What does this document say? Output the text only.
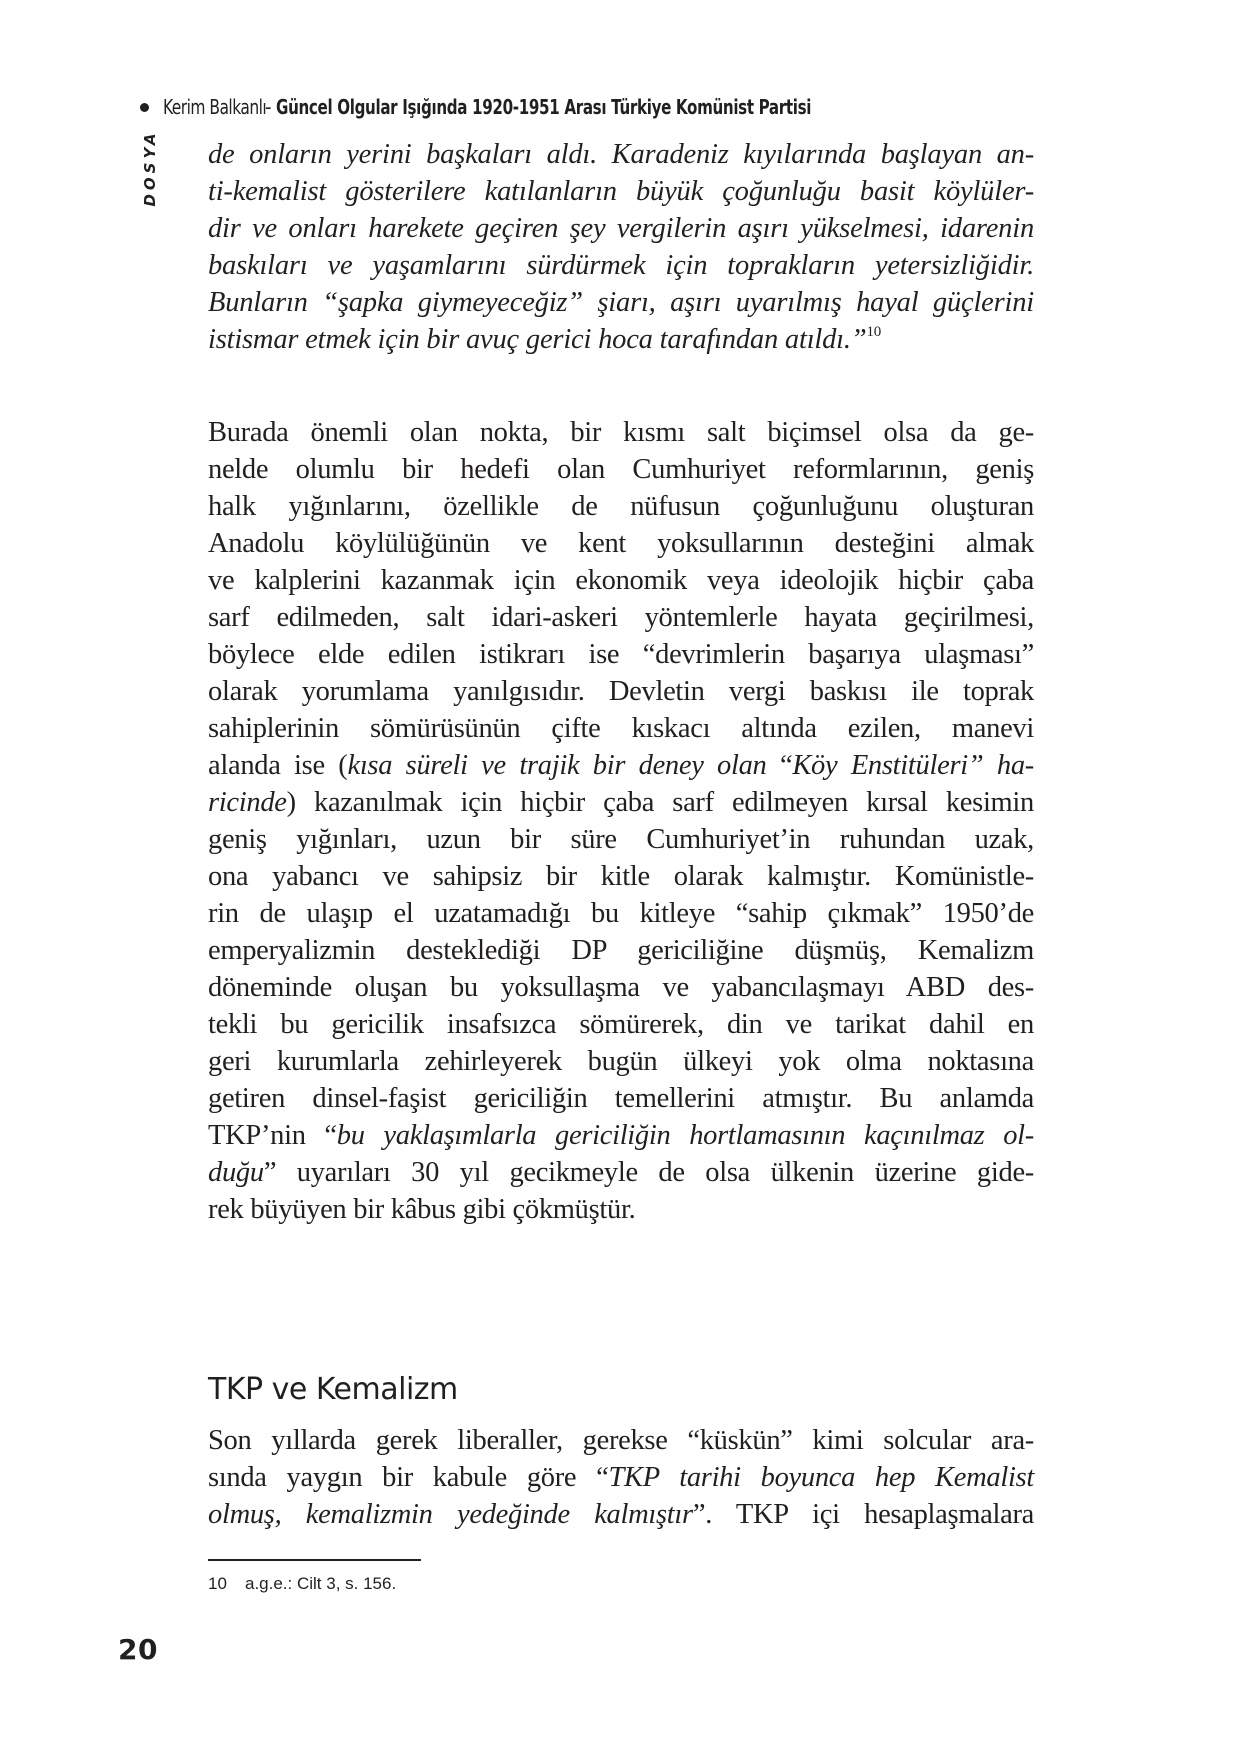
Kerim Balkanlı
- Güncel Olgular Işığında 1920-1951 Arası Türkiye Komünist Partisi
DOSYA de onların yerini başkaları aldı. Karadeniz kıyılarında başlayan an-
ti-kemalist gösterilere katılanların büyük çoğunluğu basit köylüler-
dir ve onları harekete geçiren şey vergilerin aşırı yükselmesi, idarenin
baskıları ve yaşamlarını sürdürmek için toprakların yetersizliğidir.
Bunların “şapka giymeyeceğiz” şiarı, aşırı uyarılmış hayal güçlerini
istismar etmek için bir avuç gerici hoca tarafından atıldı.”$^{10}$
Burada önemli olan nokta, bir kısmı salt biçimsel olsa da ge-
nelde olumlu bir hedefi olan Cumhuriyet reformlarının, geniş
halk yığınlarını, özellikle de nüfusun çoğunluğunu oluşturan
Anadolu köylülüğünün ve kent yoksullarının desteğini almak
ve kalplerini kazanmak için ekonomik veya ideolojik hiçbir çaba
sarf edilmeden, salt idari-askeri yöntemlerle hayata geçirilmesi,
böylece elde edilen istikrarı ise “devrimlerin başarıya ulaşması”
olarak yorumlama yanılgısıdır. Devletin vergi baskısı ile toprak
sahiplerinin sömürüsünün çifte kıskacı altında ezilen, manevi
alanda ise (kısa süreli ve trajik bir deney olan “Köy Enstitüleri” ha-
ricinde) kazanılmak için hiçbir çaba sarf edilmeyen kırsal kesimin
geniş yığınları, uzun bir süre Cumhuriyet’in ruhundan uzak,
ona yabancı ve sahipsiz bir kitle olarak kalmıştır. Komünistle-
rin de ulaşıp el uzatamadığı bu kitleye “sahip çıkmak” 1950’de
emperyalizmin desteklediği DP gericiliğine düşmüş, Kemalizm
döneminde oluşan bu yoksullaşma ve yabancılaşmayı ABD des-
tekli bu gericilik insafsızca sömürerek, din ve tarikat dahil en
geri kurumlarla zehirleyerek bugün ülkeyi yok olma noktasına
getiren dinsel-faşist gericiliğin temellerini atmıştır. Bu anlamda
TKP’nin “bu yaklaşımlarla gericiliğin hortlamasının kaçınılmaz ol-
duğu” uyarıları 30 yıl gecikmeyle de olsa ülkenin üzerine gide-
rek büyüyen bir kâbus gibi çökmüştür.
TKP ve Kemalizm
Son yıllarda gerek liberaller, gerekse “küskün” kimi solcular ara-
sında yaygın bir kabule göre “TKP tarihi boyunca hep Kemalist
olmuş, kemalizmin yedeğinde kalmıştır”. TKP içi hesaplaşmalara
10	a.g.e.: Cilt 3, s. 156.
20
